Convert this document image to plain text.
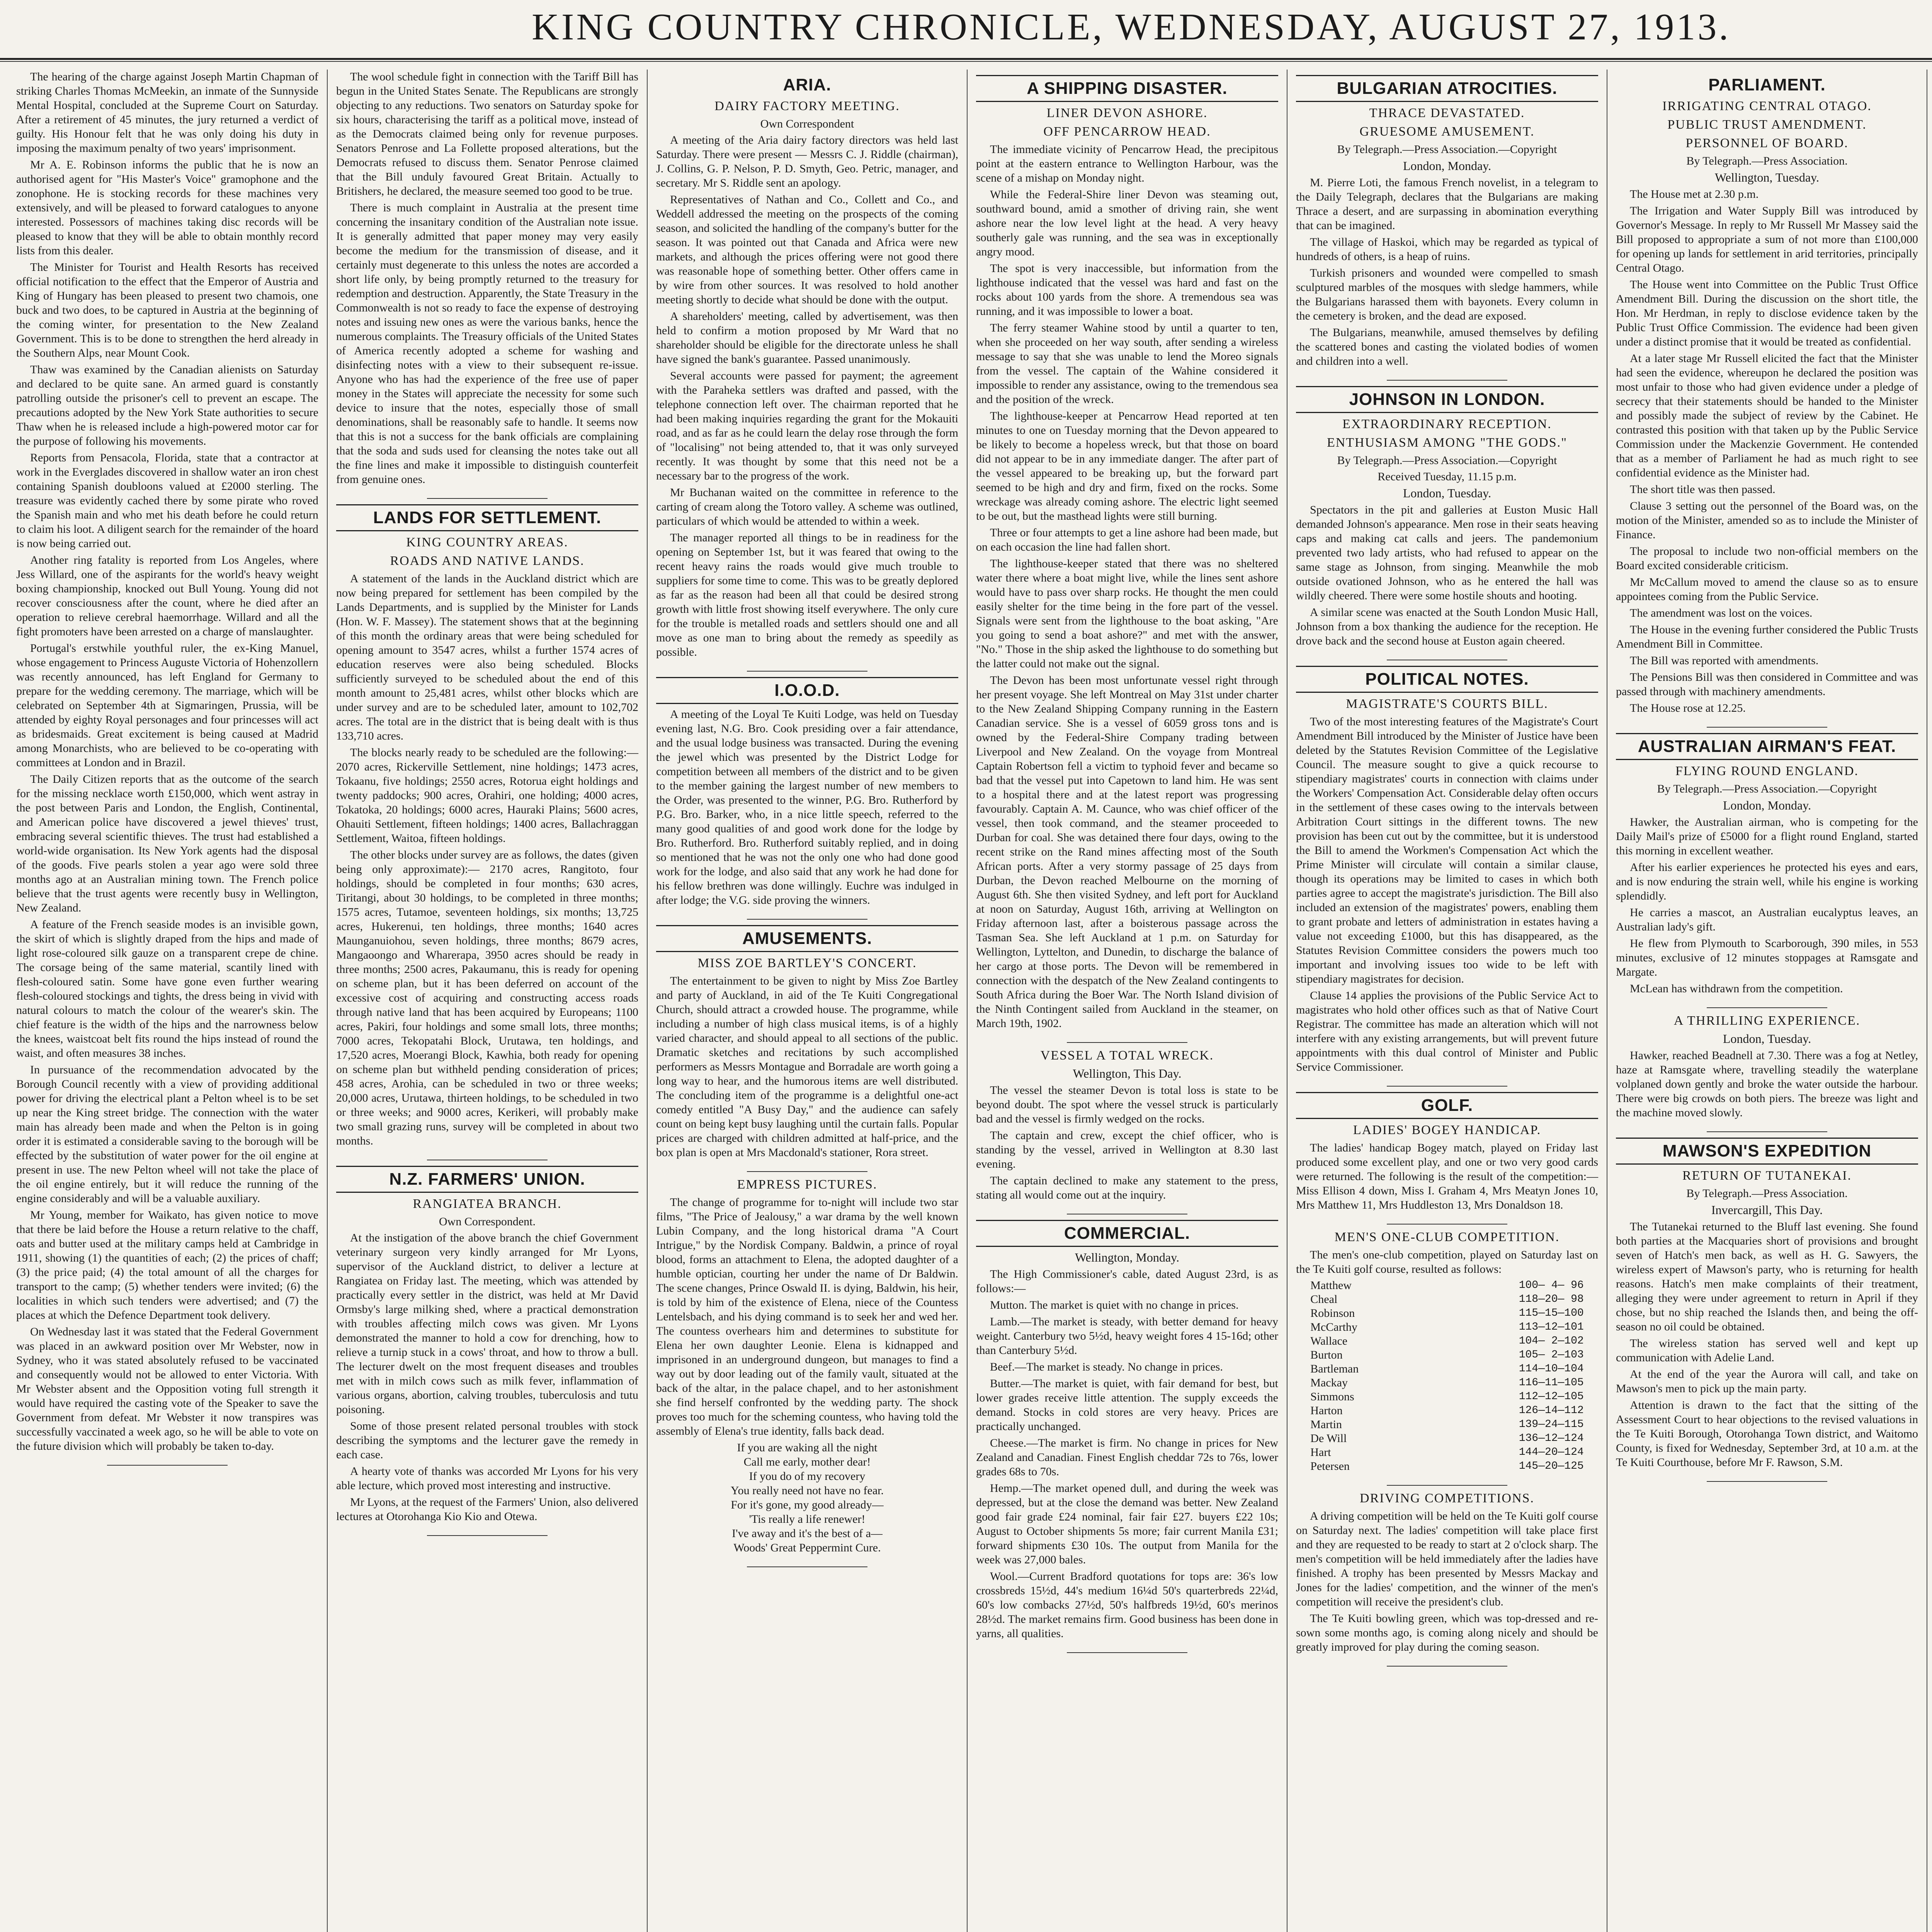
KING COUNTRY CHRONICLE, WEDNESDAY, AUGUST 27, 1913.

The hearing of the charge against Joseph Martin Chapman of striking Charles Thomas McMeekin, an inmate of the Sunnyside Mental Hospital, concluded at the Supreme Court on Saturday. After a retirement of 45 minutes, the jury returned a verdict of guilty. His Honour felt that he was only doing his duty in imposing the maximum penalty of two years' imprisonment.

Mr A. E. Robinson informs the public that he is now an authorised agent for "His Master's Voice" gramophone and the zonophone. He is stocking records for these machines very extensively, and will be pleased to forward catalogues to anyone interested. Possessors of machines taking disc records will be pleased to know that they will be able to obtain monthly record lists from this dealer.

The Minister for Tourist and Health Resorts has received official notification to the effect that the Emperor of Austria and King of Hungary has been pleased to present two chamois, one buck and two does, to be captured in Austria at the beginning of the coming winter, for presentation to the New Zealand Government. This is to be done to strengthen the herd already in the Southern Alps, near Mount Cook.

Thaw was examined by the Canadian alienists on Saturday and declared to be quite sane. An armed guard is constantly patrolling outside the prisoner's cell to prevent an escape. The precautions adopted by the New York State authorities to secure Thaw when he is released include a high-powered motor car for the purpose of following his movements.

Reports from Pensacola, Florida, state that a contractor at work in the Everglades discovered in shallow water an iron chest containing Spanish doubloons valued at £2000 sterling. The treasure was evidently cached there by some pirate who roved the Spanish main and who met his death before he could return to claim his loot. A diligent search for the remainder of the hoard is now being carried out.

Another ring fatality is reported from Los Angeles, where Jess Willard, one of the aspirants for the world's heavy weight boxing championship, knocked out Bull Young. Young did not recover consciousness after the count, where he died after an operation to relieve cerebral haemorrhage. Willard and all the fight promoters have been arrested on a charge of manslaughter.

Portugal's erstwhile youthful ruler, the ex-King Manuel, whose engagement to Princess Auguste Victoria of Hohenzollern was recently announced, has left England for Germany to prepare for the wedding ceremony. The marriage, which will be celebrated on September 4th at Sigmaringen, Prussia, will be attended by eighty Royal personages and four princesses will act as bridesmaids. Great excitement is being caused at Madrid among Monarchists, who are believed to be co-operating with committees at London and in Brazil.

The Daily Citizen reports that as the outcome of the search for the missing necklace worth £150,000, which went astray in the post between Paris and London, the English, Continental, and American police have discovered a jewel thieves' trust, embracing several scientific thieves. The trust had established a world-wide organisation. Its New York agents had the disposal of the goods. Five pearls stolen a year ago were sold three months ago at an Australian mining town. The French police believe that the trust agents were recently busy in Wellington, New Zealand.

A feature of the French seaside modes is an invisible gown, the skirt of which is slightly draped from the hips and made of light rose-coloured silk gauze on a transparent crepe de chine. The corsage being of the same material, scantily lined with flesh-coloured satin. Some have gone even further wearing flesh-coloured stockings and tights, the dress being in vivid with natural colours to match the colour of the wearer's skin. The chief feature is the width of the hips and the narrowness below the knees, waistcoat belt fits round the hips instead of round the waist, and often measures 38 inches.

In pursuance of the recommendation advocated by the Borough Council recently with a view of providing additional power for driving the electrical plant a Pelton wheel is to be set up near the King street bridge. The connection with the water main has already been made and when the Pelton is in going order it is estimated a considerable saving to the borough will be effected by the substitution of water power for the oil engine at present in use. The new Pelton wheel will not take the place of the oil engine entirely, but it will reduce the running of the engine considerably and will be a valuable auxiliary.

Mr Young, member for Waikato, has given notice to move that there be laid before the House a return relative to the chaff, oats and butter used at the military camps held at Cambridge in 1911, showing (1) the quantities of each; (2) the prices of chaff; (3) the price paid; (4) the total amount of all the charges for transport to the camp; (5) whether tenders were invited; (6) the localities in which such tenders were advertised; and (7) the places at which the Defence Department took delivery.

On Wednesday last it was stated that the Federal Government was placed in an awkward position over Mr Webster, now in Sydney, who it was stated absolutely refused to be vaccinated and consequently would not be allowed to enter Victoria. With Mr Webster absent and the Opposition voting full strength it would have required the casting vote of the Speaker to save the Government from defeat. Mr Webster it now transpires was successfully vaccinated a week ago, so he will be able to vote on the future division which will probably be taken to-day.

The wool schedule fight in connection with the Tariff Bill has begun in the United States Senate. The Republicans are strongly objecting to any reductions. Two senators on Saturday spoke for six hours, characterising the tariff as a political move, instead of as the Democrats claimed being only for revenue purposes. Senators Penrose and La Follette proposed alterations, but the Democrats refused to discuss them. Senator Penrose claimed that the Bill unduly favoured Great Britain. Actually to Britishers, he declared, the measure seemed too good to be true.

There is much complaint in Australia at the present time concerning the insanitary condition of the Australian note issue. It is generally admitted that paper money may very easily become the medium for the transmission of disease, and it certainly must degenerate to this unless the notes are accorded a short life only, by being promptly returned to the treasury for redemption and destruction. Apparently, the State Treasury in the Commonwealth is not so ready to face the expense of destroying notes and issuing new ones as were the various banks, hence the numerous complaints. The Treasury officials of the United States of America recently adopted a scheme for washing and disinfecting notes with a view to their subsequent re-issue. Anyone who has had the experience of the free use of paper money in the States will appreciate the necessity for some such device to insure that the notes, especially those of small denominations, shall be reasonably safe to handle. It seems now that this is not a success for the bank officials are complaining that the soda and suds used for cleansing the notes take out all the fine lines and make it impossible to distinguish counterfeit from genuine ones.

LANDS FOR SETTLEMENT.
KING COUNTRY AREAS.
ROADS AND NATIVE LANDS.

A statement of the lands in the Auckland district which are now being prepared for settlement has been compiled by the Lands Departments, and is supplied by the Minister for Lands (Hon. W. F. Massey). The statement shows that at the beginning of this month the ordinary areas that were being scheduled for opening amount to 3547 acres, whilst a further 1574 acres of education reserves were also being scheduled. Blocks sufficiently surveyed to be scheduled about the end of this month amount to 25,481 acres, whilst other blocks which are under survey and are to be scheduled later, amount to 102,702 acres. The total are in the district that is being dealt with is thus 133,710 acres.

The blocks nearly ready to be scheduled are the following:— 2070 acres, Rickerville Settlement, nine holdings; 1473 acres, Tokaanu, five holdings; 2550 acres, Rotorua eight holdings and twenty paddocks; 900 acres, Orahiri, one holding; 4000 acres, Tokatoka, 20 holdings; 6000 acres, Hauraki Plains; 5600 acres, Ohauiti Settlement, fifteen holdings; 1400 acres, Ballachraggan Settlement, Waitoa, fifteen holdings.

The other blocks under survey are as follows, the dates (given being only approximate):— 2170 acres, Rangitoto, four holdings, should be completed in four months; 630 acres, Tiritangi, about 30 holdings, to be completed in three months; 1575 acres, Tutamoe, seventeen holdings, six months; 13,725 acres, Hukerenui, ten holdings, three months; 1640 acres Maunganuiohou, seven holdings, three months; 8679 acres, Mangaoongo and Wharerapa, 3950 acres should be ready in three months; 2500 acres, Pakaumanu, this is ready for opening on scheme plan, but it has been deferred on account of the excessive cost of acquiring and constructing access roads through native land that has been acquired by Europeans; 1100 acres, Pakiri, four holdings and some small lots, three months; 7000 acres, Tekopatahi Block, Urutawa, ten holdings, and 17,520 acres, Moerangi Block, Kawhia, both ready for opening on scheme plan but withheld pending consideration of prices; 458 acres, Arohia, can be scheduled in two or three weeks; 20,000 acres, Urutawa, thirteen holdings, to be scheduled in two or three weeks; and 9000 acres, Kerikeri, will probably make two small grazing runs, survey will be completed in about two months.

N.Z. FARMERS' UNION.
RANGIATEA BRANCH.
Own Correspondent.

At the instigation of the above branch the chief Government veterinary surgeon very kindly arranged for Mr Lyons, supervisor of the Auckland district, to deliver a lecture at Rangiatea on Friday last. The meeting, which was attended by practically every settler in the district, was held at Mr David Ormsby's large milking shed, where a practical demonstration with troubles affecting milch cows was given. Mr Lyons demonstrated the manner to hold a cow for drenching, how to relieve a turnip stuck in a cows' throat, and how to throw a bull. The lecturer dwelt on the most frequent diseases and troubles met with in milch cows such as milk fever, inflammation of various organs, abortion, calving troubles, tuberculosis and tutu poisoning.

Some of those present related personal troubles with stock describing the symptoms and the lecturer gave the remedy in each case.

A hearty vote of thanks was accorded Mr Lyons for his very able lecture, which proved most interesting and instructive.

Mr Lyons, at the request of the Farmers' Union, also delivered lectures at Otorohanga Kio Kio and Otewa.

ARIA.
DAIRY FACTORY MEETING.
Own Correspondent

A meeting of the Aria dairy factory directors was held last Saturday. There were present — Messrs C. J. Riddle (chairman), J. Collins, G. P. Nelson, P. D. Smyth, Geo. Petric, manager, and secretary. Mr S. Riddle sent an apology.

Representatives of Nathan and Co., Collett and Co., and Weddell addressed the meeting on the prospects of the coming season, and solicited the handling of the company's butter for the season. It was pointed out that Canada and Africa were new markets, and although the prices offering were not good there was reasonable hope of something better. Other offers came in by wire from other sources. It was resolved to hold another meeting shortly to decide what should be done with the output.

A shareholders' meeting, called by advertisement, was then held to confirm a motion proposed by Mr Ward that no shareholder should be eligible for the directorate unless he shall have signed the bank's guarantee. Passed unanimously.

Several accounts were passed for payment; the agreement with the Paraheka settlers was drafted and passed, with the telephone connection left over. The chairman reported that he had been making inquiries regarding the grant for the Mokauiti road, and as far as he could learn the delay rose through the form of "localising" not being attended to, that it was only surveyed recently. It was thought by some that this need not be a necessary bar to the progress of the work.

Mr Buchanan waited on the committee in reference to the carting of cream along the Totoro valley. A scheme was outlined, particulars of which would be attended to within a week.

The manager reported all things to be in readiness for the opening on September 1st, but it was feared that owing to the recent heavy rains the roads would give much trouble to suppliers for some time to come. This was to be greatly deplored as far as the reason had been all that could be desired strong growth with little frost showing itself everywhere. The only cure for the trouble is metalled roads and settlers should one and all move as one man to bring about the remedy as speedily as possible.

I.O.O.D.

A meeting of the Loyal Te Kuiti Lodge, was held on Tuesday evening last, N.G. Bro. Cook presiding over a fair attendance, and the usual lodge business was transacted. During the evening the jewel which was presented by the District Lodge for competition between all members of the district and to be given to the member gaining the largest number of new members to the Order, was presented to the winner, P.G. Bro. Rutherford by P.G. Bro. Barker, who, in a nice little speech, referred to the many good qualities of and good work done for the lodge by Bro. Rutherford. Bro. Rutherford suitably replied, and in doing so mentioned that he was not the only one who had done good work for the lodge, and also said that any work he had done for his fellow brethren was done willingly. Euchre was indulged in after lodge; the V.G. side proving the winners.

AMUSEMENTS.
MISS ZOE BARTLEY'S CONCERT.

The entertainment to be given to night by Miss Zoe Bartley and party of Auckland, in aid of the Te Kuiti Congregational Church, should attract a crowded house. The programme, while including a number of high class musical items, is of a highly varied character, and should appeal to all sections of the public. Dramatic sketches and recitations by such accomplished performers as Messrs Montague and Borradale are worth going a long way to hear, and the humorous items are well distributed. The concluding item of the programme is a delightful one-act comedy entitled "A Busy Day," and the audience can safely count on being kept busy laughing until the curtain falls. Popular prices are charged with children admitted at half-price, and the box plan is open at Mrs Macdonald's stationer, Rora street.

EMPRESS PICTURES.

The change of programme for to-night will include two star films, "The Price of Jealousy," a war drama by the well known Lubin Company, and the long historical drama "A Court Intrigue," by the Nordisk Company. Baldwin, a prince of royal blood, forms an attachment to Elena, the adopted daughter of a humble optician, courting her under the name of Dr Baldwin. The scene changes, Prince Oswald II. is dying, Baldwin, his heir, is told by him of the existence of Elena, niece of the Countess Lentelsbach, and his dying command is to seek her and wed her. The countess overhears him and determines to substitute for Elena her own daughter Leonie. Elena is kidnapped and imprisoned in an underground dungeon, but manages to find a way out by door leading out of the family vault, situated at the back of the altar, in the palace chapel, and to her astonishment she find herself confronted by the wedding party. The shock proves too much for the scheming countess, who having told the assembly of Elena's true identity, falls back dead.

If you are waking all the night
Call me early, mother dear!
If you do of my recovery
You really need not have no fear.
For it's gone, my good already—
'Tis really a life renewer!
I've away and it's the best of a—
Woods' Great Peppermint Cure.

A SHIPPING DISASTER.
LINER DEVON ASHORE.
OFF PENCARROW HEAD.

The immediate vicinity of Pencarrow Head, the precipitous point at the eastern entrance to Wellington Harbour, was the scene of a mishap on Monday night.

While the Federal-Shire liner Devon was steaming out, southward bound, amid a smother of driving rain, she went ashore near the low level light at the head. A very heavy southerly gale was running, and the sea was in exceptionally angry mood.

The spot is very inaccessible, but information from the lighthouse indicated that the vessel was hard and fast on the rocks about 100 yards from the shore. A tremendous sea was running, and it was impossible to lower a boat.

The ferry steamer Wahine stood by until a quarter to ten, when she proceeded on her way south, after sending a wireless message to say that she was unable to lend the Moreo signals from the vessel. The captain of the Wahine considered it impossible to render any assistance, owing to the tremendous sea and the position of the wreck.

The lighthouse-keeper at Pencarrow Head reported at ten minutes to one on Tuesday morning that the Devon appeared to be likely to become a hopeless wreck, but that those on board did not appear to be in any immediate danger. The after part of the vessel appeared to be breaking up, but the forward part seemed to be high and dry and firm, fixed on the rocks. Some wreckage was already coming ashore. The electric light seemed to be out, but the masthead lights were still burning.

Three or four attempts to get a line ashore had been made, but on each occasion the line had fallen short.

The lighthouse-keeper stated that there was no sheltered water there where a boat might live, while the lines sent ashore would have to pass over sharp rocks. He thought the men could easily shelter for the time being in the fore part of the vessel. Signals were sent from the lighthouse to the boat asking, "Are you going to send a boat ashore?" and met with the answer, "No." Those in the ship asked the lighthouse to do something but the latter could not make out the signal.

The Devon has been most unfortunate vessel right through her present voyage. She left Montreal on May 31st under charter to the New Zealand Shipping Company running in the Eastern Canadian service. She is a vessel of 6059 gross tons and is owned by the Federal-Shire Company trading between Liverpool and New Zealand. On the voyage from Montreal Captain Robertson fell a victim to typhoid fever and became so bad that the vessel put into Capetown to land him. He was sent to a hospital there and at the latest report was progressing favourably. Captain A. M. Caunce, who was chief officer of the vessel, then took command, and the steamer proceeded to Durban for coal. She was detained there four days, owing to the recent strike on the Rand mines affecting most of the South African ports. After a very stormy passage of 25 days from Durban, the Devon reached Melbourne on the morning of August 6th. She then visited Sydney, and left port for Auckland at noon on Saturday, August 16th, arriving at Wellington on Friday afternoon last, after a boisterous passage across the Tasman Sea. She left Auckland at 1 p.m. on Saturday for Wellington, Lyttelton, and Dunedin, to discharge the balance of her cargo at those ports. The Devon will be remembered in connection with the despatch of the New Zealand contingents to South Africa during the Boer War. The North Island division of the Ninth Contingent sailed from Auckland in the steamer, on March 19th, 1902.

VESSEL A TOTAL WRECK.
Wellington, This Day.

The vessel the steamer Devon is total loss is state to be beyond doubt. The spot where the vessel struck is particularly bad and the vessel is firmly wedged on the rocks.

The captain and crew, except the chief officer, who is standing by the vessel, arrived in Wellington at 8.30 last evening.

The captain declined to make any statement to the press, stating all would come out at the inquiry.

COMMERCIAL.
Wellington, Monday.

The High Commissioner's cable, dated August 23rd, is as follows:—

Mutton. The market is quiet with no change in prices.

Lamb.—The market is steady, with better demand for heavy weight. Canterbury two 5½d, heavy weight fores 4 15-16d; other than Canterbury 5½d.

Beef.—The market is steady. No change in prices.

Butter.—The market is quiet, with fair demand for best, but lower grades receive little attention. The supply exceeds the demand. Stocks in cold stores are very heavy. Prices are practically unchanged.

Cheese.—The market is firm. No change in prices for New Zealand and Canadian. Finest English cheddar 72s to 76s, lower grades 68s to 70s.

Hemp.—The market opened dull, and during the week was depressed, but at the close the demand was better. New Zealand good fair grade £24 nominal, fair fair £27. buyers £22 10s; August to October shipments 5s more; fair current Manila £31; forward shipments £30 10s. The output from Manila for the week was 27,000 bales.

Wool.—Current Bradford quotations for tops are: 36's low crossbreds 15½d, 44's medium 16¼d 50's quarterbreds 22¼d, 60's low combacks 27½d, 50's halfbreds 19½d, 60's merinos 28½d. The market remains firm. Good business has been done in yarns, all qualities.

BULGARIAN ATROCITIES.
THRACE DEVASTATED.
GRUESOME AMUSEMENT.
By Telegraph.—Press Association.—Copyright
London, Monday.

M. Pierre Loti, the famous French novelist, in a telegram to the Daily Telegraph, declares that the Bulgarians are making Thrace a desert, and are surpassing in abomination everything that can be imagined.

The village of Haskoi, which may be regarded as typical of hundreds of others, is a heap of ruins.

Turkish prisoners and wounded were compelled to smash sculptured marbles of the mosques with sledge hammers, while the Bulgarians harassed them with bayonets. Every column in the cemetery is broken, and the dead are exposed.

The Bulgarians, meanwhile, amused themselves by defiling the scattered bones and casting the violated bodies of women and children into a well.

JOHNSON IN LONDON.
EXTRAORDINARY RECEPTION.
ENTHUSIASM AMONG "THE GODS."
By Telegraph.—Press Association.—Copyright
Received Tuesday, 11.15 p.m.
London, Tuesday.

Spectators in the pit and galleries at Euston Music Hall demanded Johnson's appearance. Men rose in their seats heaving caps and making cat calls and jeers. The pandemonium prevented two lady artists, who had refused to appear on the same stage as Johnson, from singing. Meanwhile the mob outside ovationed Johnson, who as he entered the hall was wildly cheered. There were some hostile shouts and hooting.

A similar scene was enacted at the South London Music Hall, Johnson from a box thanking the audience for the reception. He drove back and the second house at Euston again cheered.

POLITICAL NOTES.
MAGISTRATE'S COURTS BILL.

Two of the most interesting features of the Magistrate's Court Amendment Bill introduced by the Minister of Justice have been deleted by the Statutes Revision Committee of the Legislative Council. The measure sought to give a quick recourse to stipendiary magistrates' courts in connection with claims under the Workers' Compensation Act. Considerable delay often occurs in the settlement of these cases owing to the intervals between Arbitration Court sittings in the different towns. The new provision has been cut out by the committee, but it is understood the Bill to amend the Workmen's Compensation Act which the Prime Minister will circulate will contain a similar clause, though its operations may be limited to cases in which both parties agree to accept the magistrate's jurisdiction. The Bill also included an extension of the magistrates' powers, enabling them to grant probate and letters of administration in estates having a value not exceeding £1000, but this has disappeared, as the Statutes Revision Committee considers the powers much too important and involving issues too wide to be left with stipendiary magistrates for decision.

Clause 14 applies the provisions of the Public Service Act to magistrates who hold other offices such as that of Native Court Registrar. The committee has made an alteration which will not interfere with any existing arrangements, but will prevent future appointments with this dual control of Minister and Public Service Commissioner.

GOLF.
LADIES' BOGEY HANDICAP.

The ladies' handicap Bogey match, played on Friday last produced some excellent play, and one or two very good cards were returned. The following is the result of the competition:—Miss Ellison 4 down, Miss I. Graham 4, Mrs Meatyn Jones 10, Mrs Matthew 11, Mrs Huddleston 13, Mrs Donaldson 18.

MEN'S ONE-CLUB COMPETITION.

The men's one-club competition, played on Saturday last on the Te Kuiti golf course, resulted as follows:

Matthew	100— 4— 96
Cheal	118—20— 98
Robinson	115—15—100
McCarthy	113—12—101
Wallace	104— 2—102
Burton	105— 2—103
Bartleman	114—10—104
Mackay	116—11—105
Simmons	112—12—105
Harton	126—14—112
Martin	139—24—115
De Will	136—12—124
Hart	144—20—124
Petersen	145—20—125
DRIVING COMPETITIONS.

A driving competition will be held on the Te Kuiti golf course on Saturday next. The ladies' competition will take place first and they are requested to be ready to start at 2 o'clock sharp. The men's competition will be held immediately after the ladies have finished. A trophy has been presented by Messrs Mackay and Jones for the ladies' competition, and the winner of the men's competition will receive the president's club.

The Te Kuiti bowling green, which was top-dressed and re-sown some months ago, is coming along nicely and should be greatly improved for play during the coming season.

PARLIAMENT.
IRRIGATING CENTRAL OTAGO.
PUBLIC TRUST AMENDMENT.
PERSONNEL OF BOARD.
By Telegraph.—Press Association.
Wellington, Tuesday.

The House met at 2.30 p.m.

The Irrigation and Water Supply Bill was introduced by Governor's Message. In reply to Mr Russell Mr Massey said the Bill proposed to appropriate a sum of not more than £100,000 for opening up lands for settlement in arid territories, principally Central Otago.

The House went into Committee on the Public Trust Office Amendment Bill. During the discussion on the short title, the Hon. Mr Herdman, in reply to disclose evidence taken by the Public Trust Office Commission. The evidence had been given under a distinct promise that it would be treated as confidential.

At a later stage Mr Russell elicited the fact that the Minister had seen the evidence, whereupon he declared the position was most unfair to those who had given evidence under a pledge of secrecy that their statements should be handed to the Minister and possibly made the subject of review by the Cabinet. He contrasted this position with that taken up by the Public Service Commission under the Mackenzie Government. He contended that as a member of Parliament he had as much right to see confidential evidence as the Minister had.

The short title was then passed.

Clause 3 setting out the personnel of the Board was, on the motion of the Minister, amended so as to include the Minister of Finance.

The proposal to include two non-official members on the Board excited considerable criticism.

Mr McCallum moved to amend the clause so as to ensure appointees coming from the Public Service.

The amendment was lost on the voices.

The House in the evening further considered the Public Trusts Amendment Bill in Committee.

The Bill was reported with amendments.

The Pensions Bill was then considered in Committee and was passed through with machinery amendments.

The House rose at 12.25.

AUSTRALIAN AIRMAN'S FEAT.
FLYING ROUND ENGLAND.
By Telegraph.—Press Association.—Copyright
London, Monday.

Hawker, the Australian airman, who is competing for the Daily Mail's prize of £5000 for a flight round England, started this morning in excellent weather.

After his earlier experiences he protected his eyes and ears, and is now enduring the strain well, while his engine is working splendidly.

He carries a mascot, an Australian eucalyptus leaves, an Australian lady's gift.

He flew from Plymouth to Scarborough, 390 miles, in 553 minutes, exclusive of 12 minutes stoppages at Ramsgate and Margate.

McLean has withdrawn from the competition.

A THRILLING EXPERIENCE.
London, Tuesday.

Hawker, reached Beadnell at 7.30. There was a fog at Netley, haze at Ramsgate where, travelling steadily the waterplane volplaned down gently and broke the water outside the harbour. There were big crowds on both piers. The breeze was light and the machine moved slowly.

MAWSON'S EXPEDITION
RETURN OF TUTANEKAI.
By Telegraph.—Press Association.
Invercargill, This Day.

The Tutanekai returned to the Bluff last evening. She found both parties at the Macquaries short of provisions and brought seven of Hatch's men back, as well as H. G. Sawyers, the wireless expert of Mawson's party, who is returning for health reasons. Hatch's men make complaints of their treatment, alleging they were under agreement to return in April if they chose, but no ship reached the Islands then, and being the off-season no oil could be obtained.

The wireless station has served well and kept up communication with Adelie Land.

At the end of the year the Aurora will call, and take on Mawson's men to pick up the main party.

Attention is drawn to the fact that the sitting of the Assessment Court to hear objections to the revised valuations in the Te Kuiti Borough, Otorohanga Town district, and Waitomo County, is fixed for Wednesday, September 3rd, at 10 a.m. at the Te Kuiti Courthouse, before Mr F. Rawson, S.M.
